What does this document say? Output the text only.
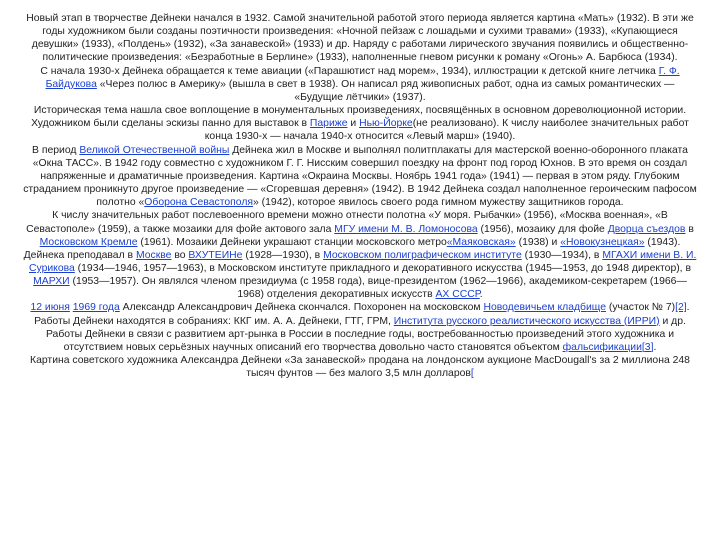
Новый этап в творчестве Дейнеки начался в 1932. Самой значительной работой этого периода является картина «Мать» (1932). В эти же годы художником были созданы поэтичности произведения: «Ночной пейзаж с лошадьми и сухими травами» (1933), «Купающиеся девушки» (1933), «Полдень» (1932), «За занавеской» (1933) и др. Наряду с работами лирического звучания появились и общественно-политические произведения: «Безработные в Берлине» (1933), наполненные гневом рисунки к роману «Огонь» А. Барбюса (1934).

С начала 1930-х Дейнека обращается к теме авиации («Парашютист над морем», 1934), иллюстрации к детской книге летчика Г. Ф. Байдукова «Через полюс в Америку» (вышла в свет в 1938). Он написал ряд живописных работ, одна из самых романтических — «Будущие лётчики» (1937).

Историческая тема нашла свое воплощение в монументальных произведениях, посвящённых в основном дореволюционной истории. Художником были сделаны эскизы панно для выставок в Париже и Нью-Йорке(не реализовано). К числу наиболее значительных работ конца 1930-х — начала 1940-х относится «Левый марш» (1940).

В период Великой Отечественной войны Дейнека жил в Москве и выполнял политплакаты для мастерской военно-оборонного плаката «Окна ТАСС». В 1942 году совместно с художником Г. Г. Нисским совершил поездку на фронт под город Юхнов. В это время он создал напряженные и драматичные произведения. Картина «Окраина Москвы. Ноябрь 1941 года» (1941) — первая в этом ряду. Глубоким страданием проникнуто другое произведение — «Сгоревшая деревня» (1942). В 1942 Дейнека создал наполненное героическим пафосом полотно «Оборона Севастополя» (1942), которое явилось своего рода гимном мужеству защитников города.

К числу значительных работ послевоенного времени можно отнести полотна «У моря. Рыбачки» (1956), «Москва военная», «В Севастополе» (1959), а также мозаики для фойе актового зала МГУ имени М. В. Ломоносова (1956), мозаику для фойе Дворца съездов в Московском Кремле (1961). Мозаики Дейнеки украшают станции московского метро«Маяковская» (1938) и «Новокузнецкая» (1943). Дейнека преподавал в Москве во ВХУТЕИНе (1928—1930), в Московском полиграфическом институте (1930—1934), в МГАХИ имени В. И. Сурикова (1934—1946, 1957—1963), в Московском институте прикладного и декоративного искусства (1945—1953, до 1948 директор), в МАРХИ (1953—1957). Он являлся членом президиума (с 1958 года), вице-президентом (1962—1966), академиком-секретарем (1966—1968) отделения декоративных искусств АХ СССР.

12 июня 1969 года Александр Александрович Дейнека скончался. Похоронен на московском Новодевичьем кладбище (участок № 7)[2]. Работы Дейнеки находятся в собраниях: ККГ им. А. А. Дейнеки, ГТГ, ГРМ, Института русского реалистического искусства (ИРРИ) и др. Работы Дейнеки в связи с развитием арт-рынка в России в последние годы, востребованностью произведений этого художника и отсутствием новых серьёзных научных описаний его творчества довольно часто становятся объектом фальсификации[3].

Картина советского художника Александра Дейнеки «За занавеской» продана на лондонском аукционе MacDougall's за 2 миллиона 248 тысяч фунтов — без малого 3,5 млн долларов[
